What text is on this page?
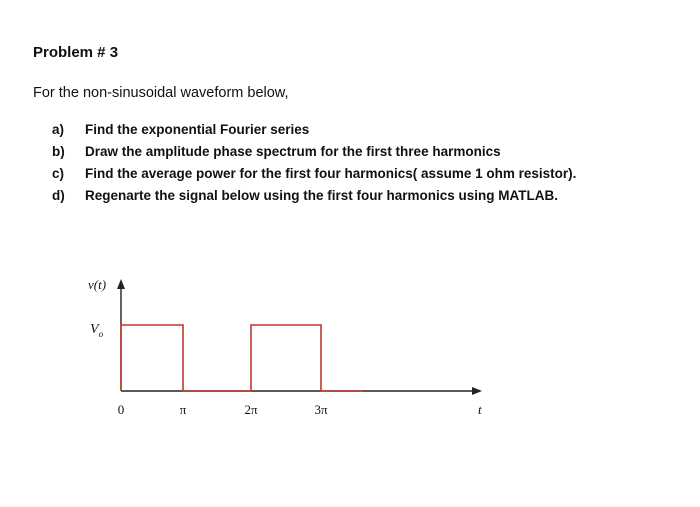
Problem # 3
For the non-sinusoidal waveform below,
a)	Find the exponential Fourier series
b)	Draw the amplitude phase spectrum for the first three harmonics
c)	Find the average power for the first four harmonics( assume 1 ohm resistor).
d)	Regenarte the signal below using the first four harmonics using MATLAB.
v(t)
$V_o$
t
0	π	2π	3π
